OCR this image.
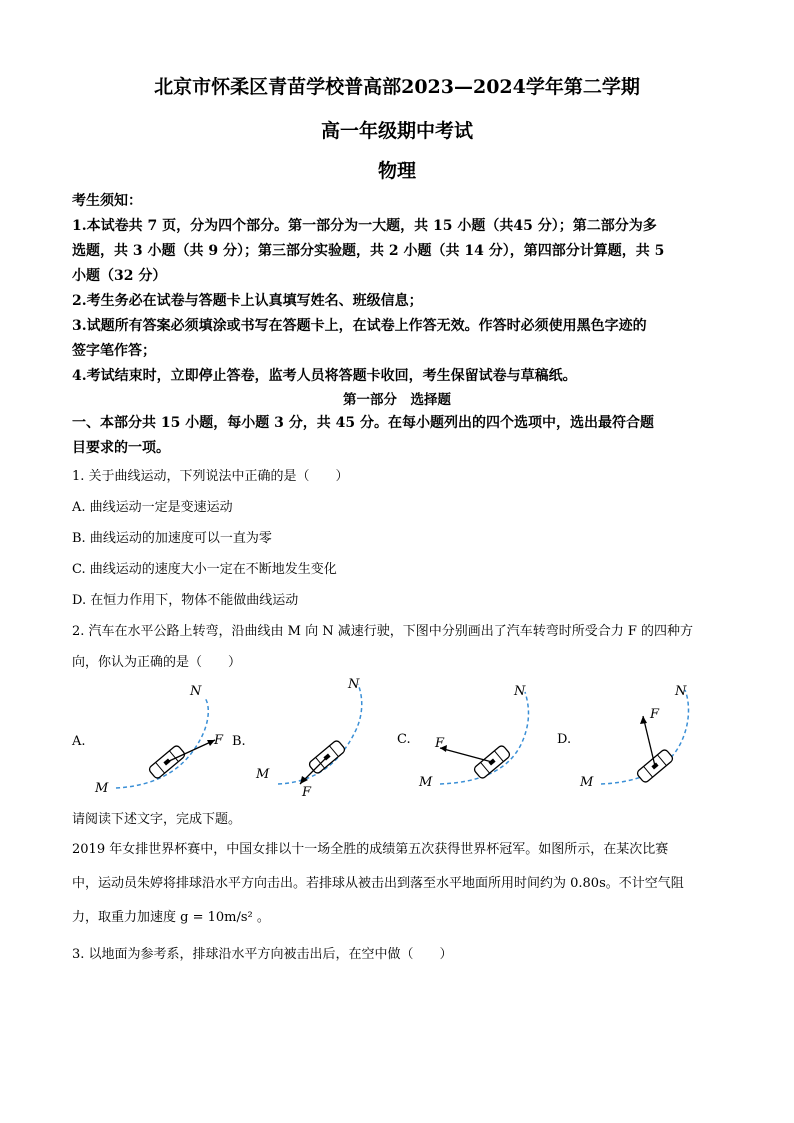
北京市怀柔区青苗学校普高部2023—2024学年第二学期
高一年级期中考试
物理
考生须知：
1.本试卷共 7 页，分为四个部分。第一部分为一大题，共 15 小题（共45 分）；第二部分为多
选题，共 3 小题（共 9 分）；第三部分实验题，共 2 小题（共 14 分），第四部分计算题，共 5
小题（32 分）
2.考生务必在试卷与答题卡上认真填写姓名、班级信息；
3.试题所有答案必须填涂或书写在答题卡上，在试卷上作答无效。作答时必须使用黑色字迹的
签字笔作答；
4.考试结束时，立即停止答卷，监考人员将答题卡收回，考生保留试卷与草稿纸。
第一部分　选择题
一、本部分共 15 小题，每小题 3 分，共 45 分。在每小题列出的四个选项中，选出最符合题
目要求的一项。
1. 关于曲线运动，下列说法中正确的是（　　）
A. 曲线运动一定是变速运动
B. 曲线运动的加速度可以一直为零
C. 曲线运动的速度大小一定在不断地发生变化
D. 在恒力作用下，物体不能做曲线运动
2. 汽车在水平公路上转弯，沿曲线由 M 向 N 减速行驶，下图中分别画出了汽车转弯时所受合力 F 的四种方
向，你认为正确的是（　　）
A.
M
N
F B.
M
N
F
C.
M
N
F	D.
M
N
F
请阅读下述文字，完成下题。
2019 年女排世界杯赛中，中国女排以十一场全胜的成绩第五次获得世界杯冠军。如图所示，在某次比赛
中，运动员朱婷将排球沿水平方向击出。若排球从被击出到落至水平地面所用时间约为 0.80s。不计空气阻
力，取重力加速度 g = 10m/s² 。
3. 以地面为参考系，排球沿水平方向被击出后，在空中做（　　）
